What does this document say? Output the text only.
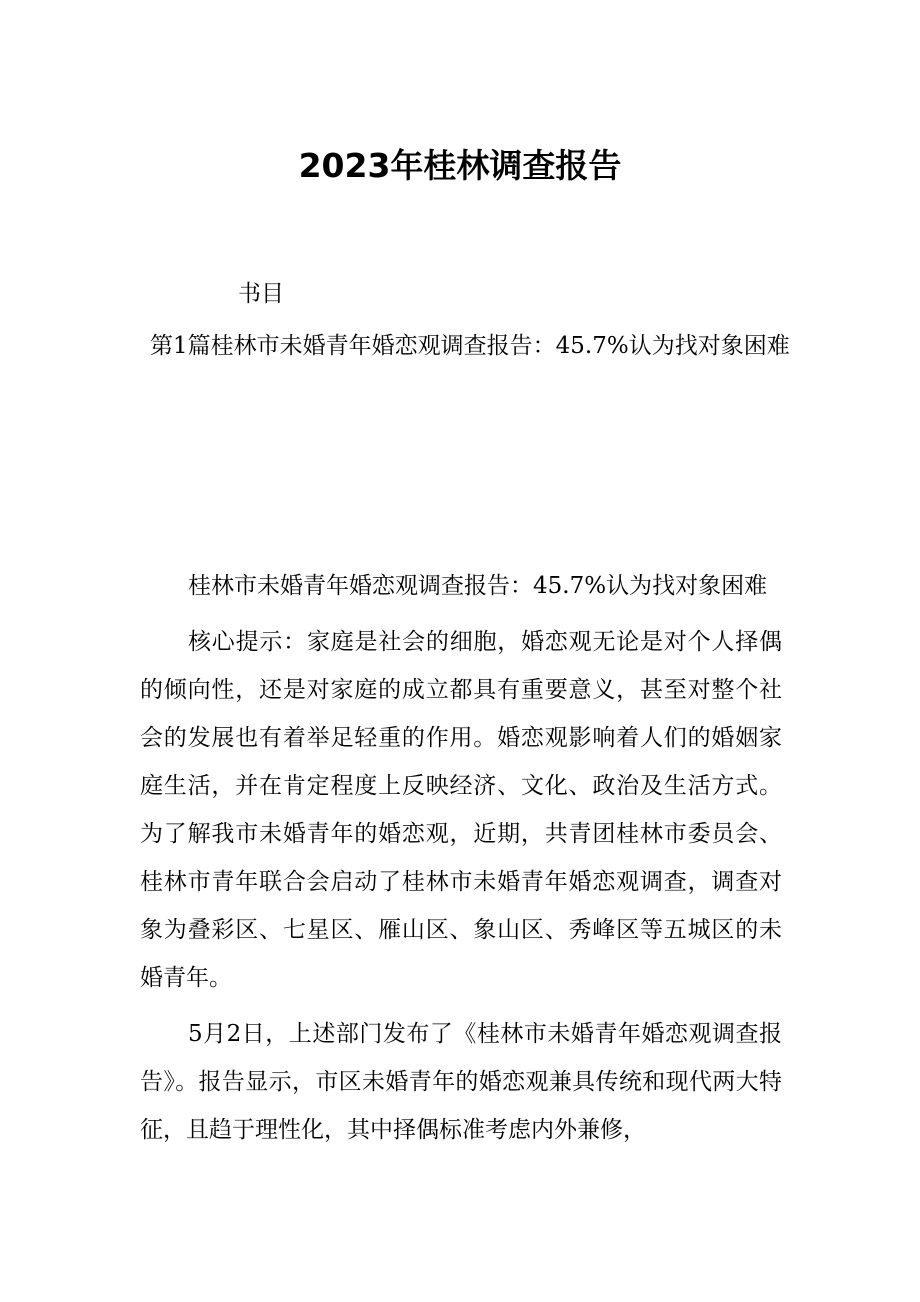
2023年桂林调查报告
书目
第1篇桂林市未婚青年婚恋观调查报告：45.7%认为找对象困难

桂林市未婚青年婚恋观调查报告：45.7%认为找对象困难

核心提示：家庭是社会的细胞，婚恋观无论是对个人择偶的倾向性，还是对家庭的成立都具有重要意义，甚至对整个社会的发展也有着举足轻重的作用。婚恋观影响着人们的婚姻家庭生活，并在肯定程度上反映经济、文化、政治及生活方式。为了解我市未婚青年的婚恋观，近期，共青团桂林市委员会、桂林市青年联合会启动了桂林市未婚青年婚恋观调查，调查对象为叠彩区、七星区、雁山区、象山区、秀峰区等五城区的未婚青年。

5月2日，上述部门发布了《桂林市未婚青年婚恋观调查报告》。报告显示，市区未婚青年的婚恋观兼具传统和现代两大特征，且趋于理性化，其中择偶标准考虑内外兼修，
